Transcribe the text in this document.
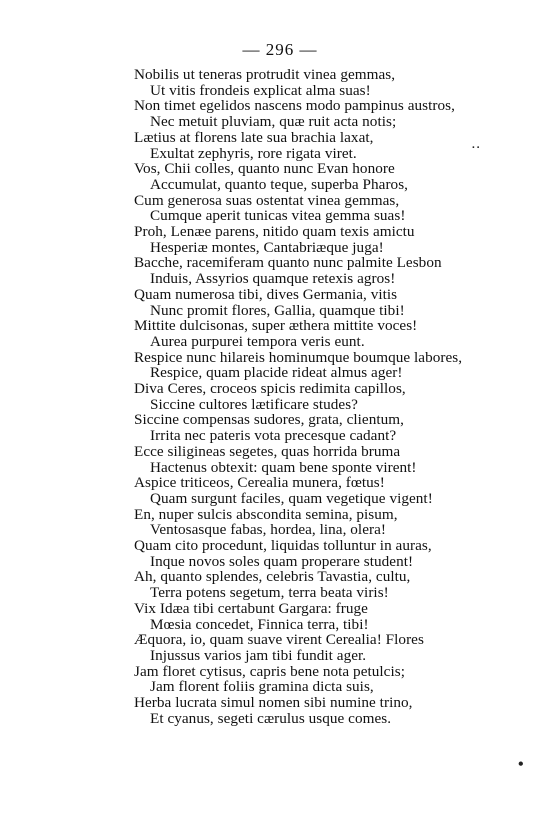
— 296 —
Nobilis ut teneras protrudit vinea gemmas,
Ut vitis frondeis explicat alma suas!
Non timet egelidos nascens modo pampinus austros,
Nec metuit pluviam, quæ ruit acta notis;
Lætius at florens late sua brachia laxat,
Exultat zephyris, rore rigata viret.
Vos, Chii colles, quanto nunc Evan honore
Accumulat, quanto teque, superba Pharos,
Cum generosa suas ostentat vinea gemmas,
Cumque aperit tunicas vitea gemma suas!
Proh, Lenæe parens, nitido quam texis amictu
Hesperiæ montes, Cantabriæque juga!
Bacche, racemiferam quanto nunc palmite Lesbon
Induis, Assyrios quamque retexis agros!
Quam numerosa tibi, dives Germania, vitis
Nunc promit flores, Gallia, quamque tibi!
Mittite dulcisonas, super æthera mittite voces!
Aurea purpurei tempora veris eunt.
Respice nunc hilareis hominumque boumque labores,
Respice, quam placide rideat almus ager!
Diva Ceres, croceos spicis redimita capillos,
Siccine cultores lætificare studes?
Siccine compensas sudores, grata, clientum,
Irrita nec pateris vota precesque cadant?
Ecce siligineas segetes, quas horrida bruma
Hactenus obtexit: quam bene sponte virent!
Aspice triticeos, Cerealia munera, fœtus!
Quam surgunt faciles, quam vegetique vigent!
En, nuper sulcis abscondita semina, pisum,
Ventosasque fabas, hordea, lina, olera!
Quam cito procedunt, liquidas tolluntur in auras,
Inque novos soles quam properare student!
Ah, quanto splendes, celebris Tavastia, cultu,
Terra potens segetum, terra beata viris!
Vix Idæa tibi certabunt Gargara: fruge
Mœsia concedet, Finnica terra, tibi!
Æquora, io, quam suave virent Cerealia! Flores
Injussus varios jam tibi fundit ager.
Jam floret cytisus, capris bene nota petulcis;
Jam florent foliis gramina dicta suis,
Herba lucrata simul nomen sibi numine trino,
Et cyanus, segeti cærulus usque comes.
⋅⋅
•
